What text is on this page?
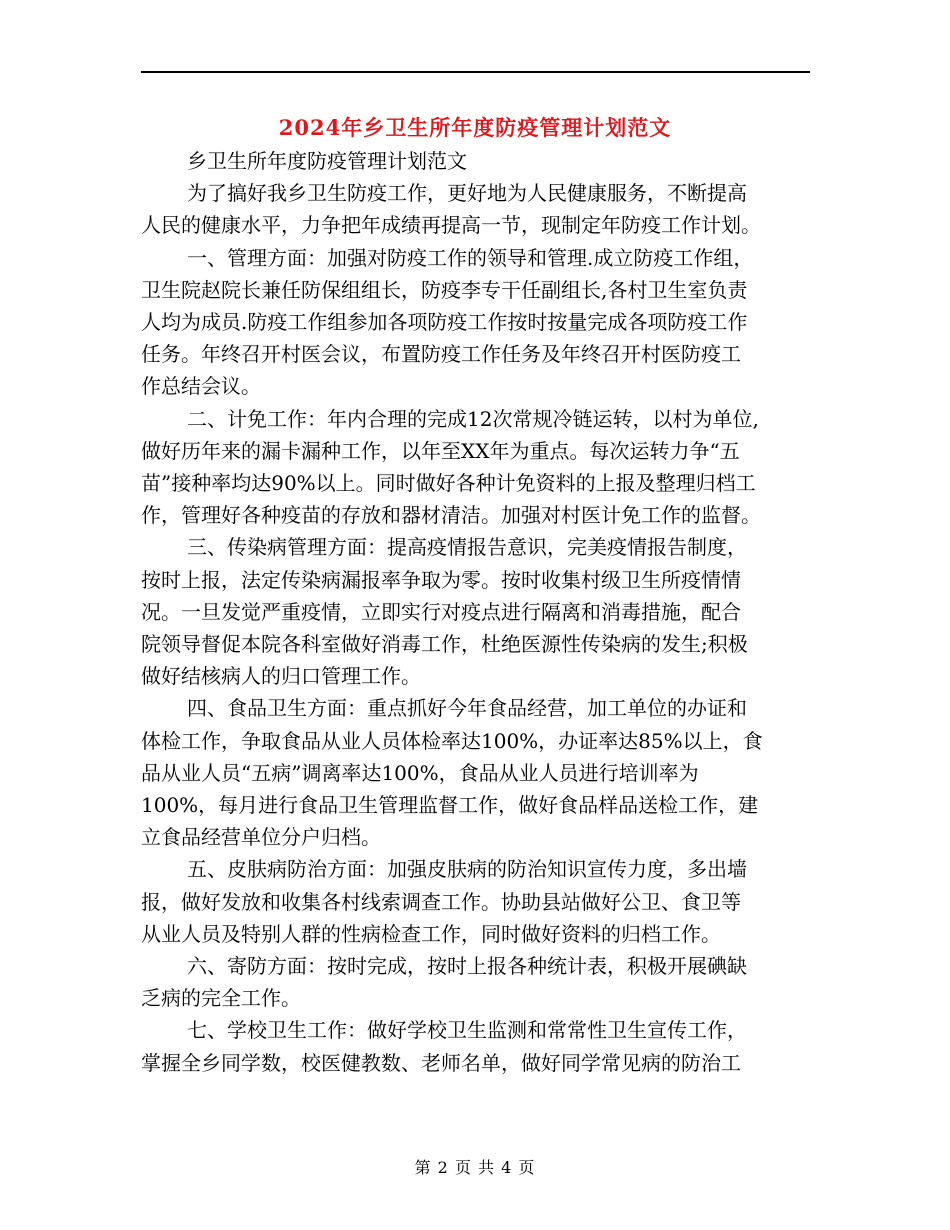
2024年乡卫生所年度防疫管理计划范文

乡卫生所年度防疫管理计划范文

为了搞好我乡卫生防疫工作，更好地为人民健康服务，不断提高
人民的健康水平，力争把年成绩再提高一节，现制定年防疫工作计划。

一、管理方面：加强对防疫工作的领导和管理.成立防疫工作组，
卫生院赵院长兼任防保组组长，防疫李专干任副组长,各村卫生室负责
人均为成员.防疫工作组参加各项防疫工作按时按量完成各项防疫工作
任务。年终召开村医会议，布置防疫工作任务及年终召开村医防疫工
作总结会议。

二、计免工作：年内合理的完成12次常规冷链运转，以村为单位,
做好历年来的漏卡漏种工作，以年至XX年为重点。每次运转力争“五
苗”接种率均达90%以上。同时做好各种计免资料的上报及整理归档工
作，管理好各种疫苗的存放和器材清洁。加强对村医计免工作的监督。

三、传染病管理方面：提高疫情报告意识，完美疫情报告制度，
按时上报，法定传染病漏报率争取为零。按时收集村级卫生所疫情情
况。一旦发觉严重疫情，立即实行对疫点进行隔离和消毒措施，配合
院领导督促本院各科室做好消毒工作，杜绝医源性传染病的发生;积极
做好结核病人的归口管理工作。

四、食品卫生方面：重点抓好今年食品经营，加工单位的办证和
体检工作，争取食品从业人员体检率达100%，办证率达85%以上，食
品从业人员“五病”调离率达100%，食品从业人员进行培训率为
100%，每月进行食品卫生管理监督工作，做好食品样品送检工作，建
立食品经营单位分户归档。

五、皮肤病防治方面：加强皮肤病的防治知识宣传力度，多出墙
报，做好发放和收集各村线索调查工作。协助县站做好公卫、食卫等
从业人员及特别人群的性病检查工作，同时做好资料的归档工作。

六、寄防方面：按时完成，按时上报各种统计表，积极开展碘缺
乏病的完全工作。

七、学校卫生工作：做好学校卫生监测和常常性卫生宣传工作，
掌握全乡同学数，校医健教数、老师名单，做好同学常见病的防治工

第 2 页 共 4 页
